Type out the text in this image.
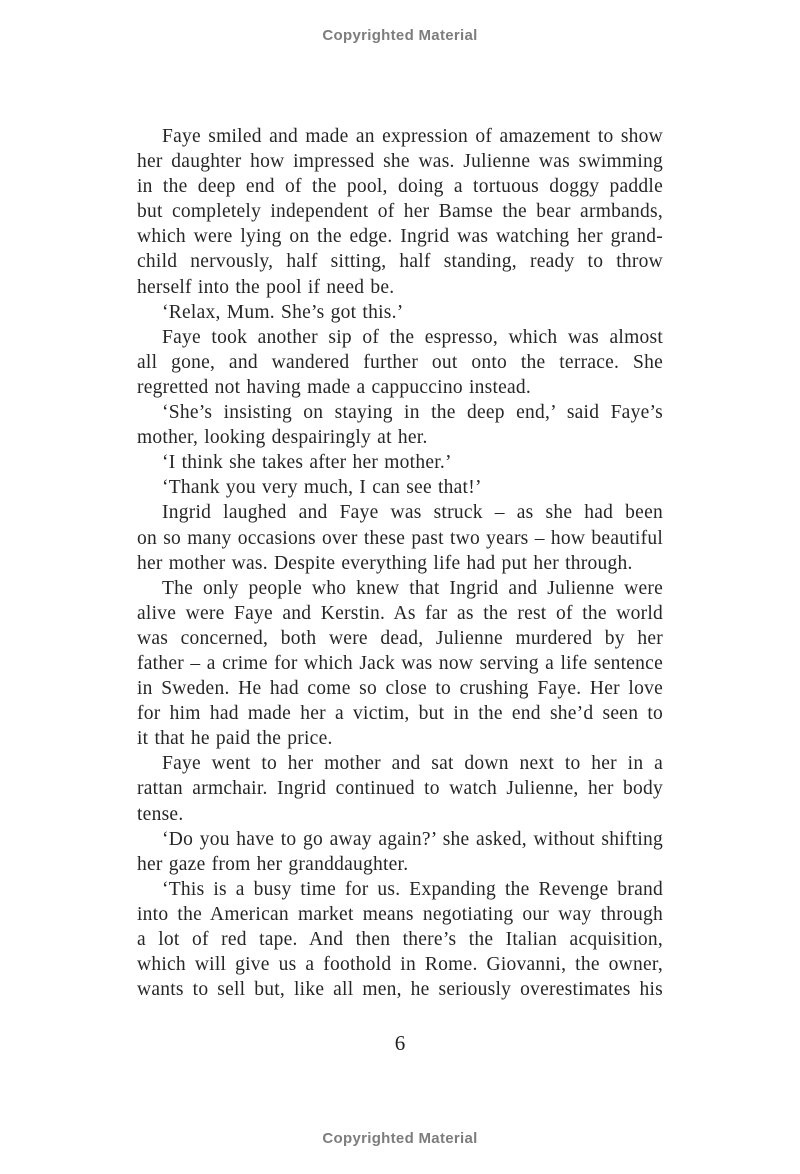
Copyrighted Material
Faye smiled and made an expression of amazement to show
her daughter how impressed she was. Julienne was swimming
in the deep end of the pool, doing a tortuous doggy paddle
but completely independent of her Bamse the bear armbands,
which were lying on the edge. Ingrid was watching her grand-
child nervously, half sitting, half standing, ready to throw
herself into the pool if need be.
‘Relax, Mum. She’s got this.’
Faye took another sip of the espresso, which was almost
all gone, and wandered further out onto the terrace. She
regretted not having made a cappuccino instead.
‘She’s insisting on staying in the deep end,’ said Faye’s
mother, looking despairingly at her.
‘I think she takes after her mother.’
‘Thank you very much, I can see that!’
Ingrid laughed and Faye was struck – as she had been
on so many occasions over these past two years – how beautiful
her mother was. Despite everything life had put her through.
The only people who knew that Ingrid and Julienne were
alive were Faye and Kerstin. As far as the rest of the world
was concerned, both were dead, Julienne murdered by her
father – a crime for which Jack was now serving a life sentence
in Sweden. He had come so close to crushing Faye. Her love
for him had made her a victim, but in the end she’d seen to
it that he paid the price.
Faye went to her mother and sat down next to her in a
rattan armchair. Ingrid continued to watch Julienne, her body
tense.
‘Do you have to go away again?’ she asked, without shifting
her gaze from her granddaughter.
‘This is a busy time for us. Expanding the Revenge brand
into the American market means negotiating our way through
a lot of red tape. And then there’s the Italian acquisition,
which will give us a foothold in Rome. Giovanni, the owner,
wants to sell but, like all men, he seriously overestimates his
6
Copyrighted Material
